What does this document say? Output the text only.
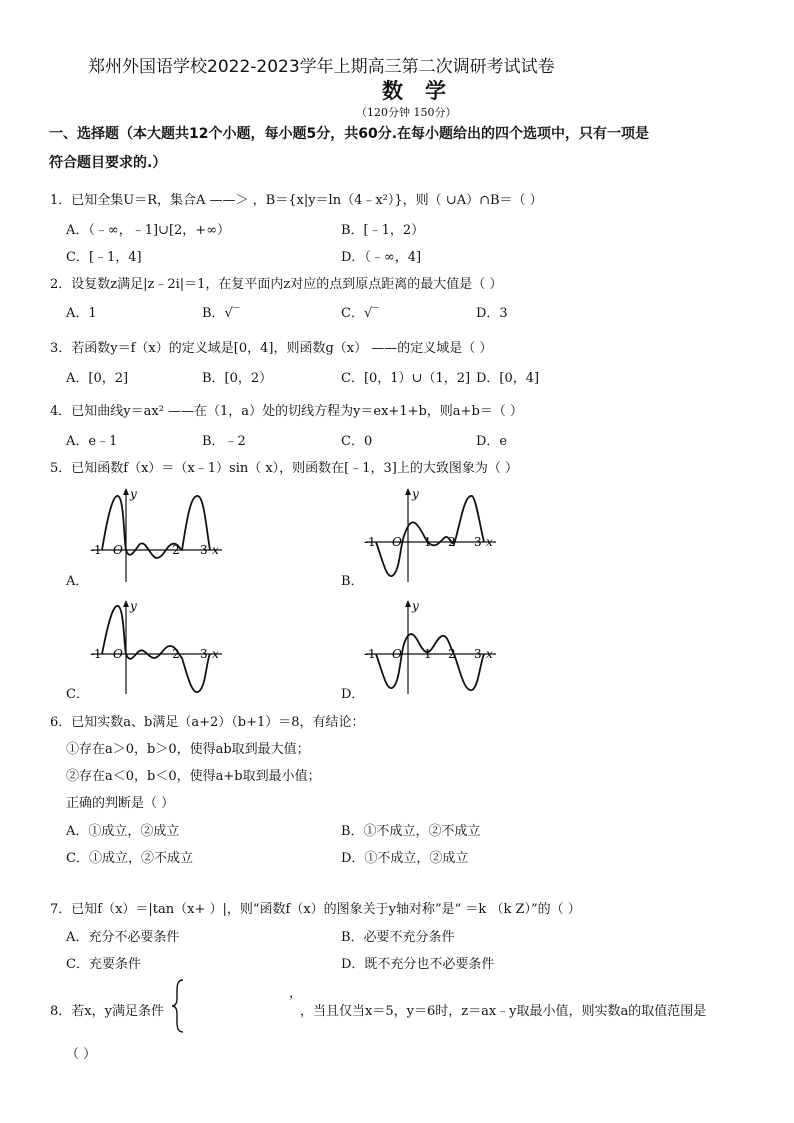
郑州外国语学校2022-2023学年上期高三第二次调研考试试卷
数学
（120分钟 150分）
一、选择题（本大题共12个小题，每小题5分，共60分.在每小题给出的四个选项中，只有一项是
符合题目要求的.）
1．已知全集U＝R，集合A ——＞ ，B＝{x|y＝ln（4﹣x²）}，则（ ∪A）∩B＝（ ）
A．（﹣∞，﹣1]∪[2，+∞）	B．[﹣1，2）
C．[﹣1，4]	D．（﹣∞，4]
2．设复数z满足|z﹣2i|＝1，在复平面内z对应的点到原点距离的最大值是（ ）
A．1	B．√‾	C．√‾	D．3
3．若函数y＝f（x）的定义域是[0，4]，则函数g（x） ——的定义域是（ ）
A．[0，2]	B．[0，2）	C．[0，1）∪（1，2] D．[0，4]
4．已知曲线y＝ax² ——在（1，a）处的切线方程为y＝ex+1+b，则a+b＝（ ）
A．e﹣1	B．﹣2	C．0	D．e
5．已知函数f（x）＝（x﹣1）sin（ x），则函数在[﹣1，3]上的大致图象为（ ）
-1 O	2 3 x
y
A．
-1 O 1 2 3 x
y
B．
-1 O	2 3 x
y
C．
-1 O 1 2 3 x
y
D．
6．已知实数a、b满足（a+2）（b+1）＝8，有结论：
①存在a＞0，b＞0，使得ab取到最大值；
②存在a＜0，b＜0，使得a+b取到最小值；
正确的判断是（ ）
A．①成立，②成立	B．①不成立，②不成立
C．①成立，②不成立	D．①不成立，②成立
7．已知f（x）＝|tan（x+ ）|，则“函数f（x）的图象关于y轴对称”是“ ＝k （k Z）”的（ ）
A．充分不必要条件	B．必要不充分条件
C．充要条件	D．既不充分也不必要条件
8．若x，y满足条件
，
，当且仅当x＝5，y＝6时，z＝ax﹣y取最小值，则实数a的取值范围是
（ ）
